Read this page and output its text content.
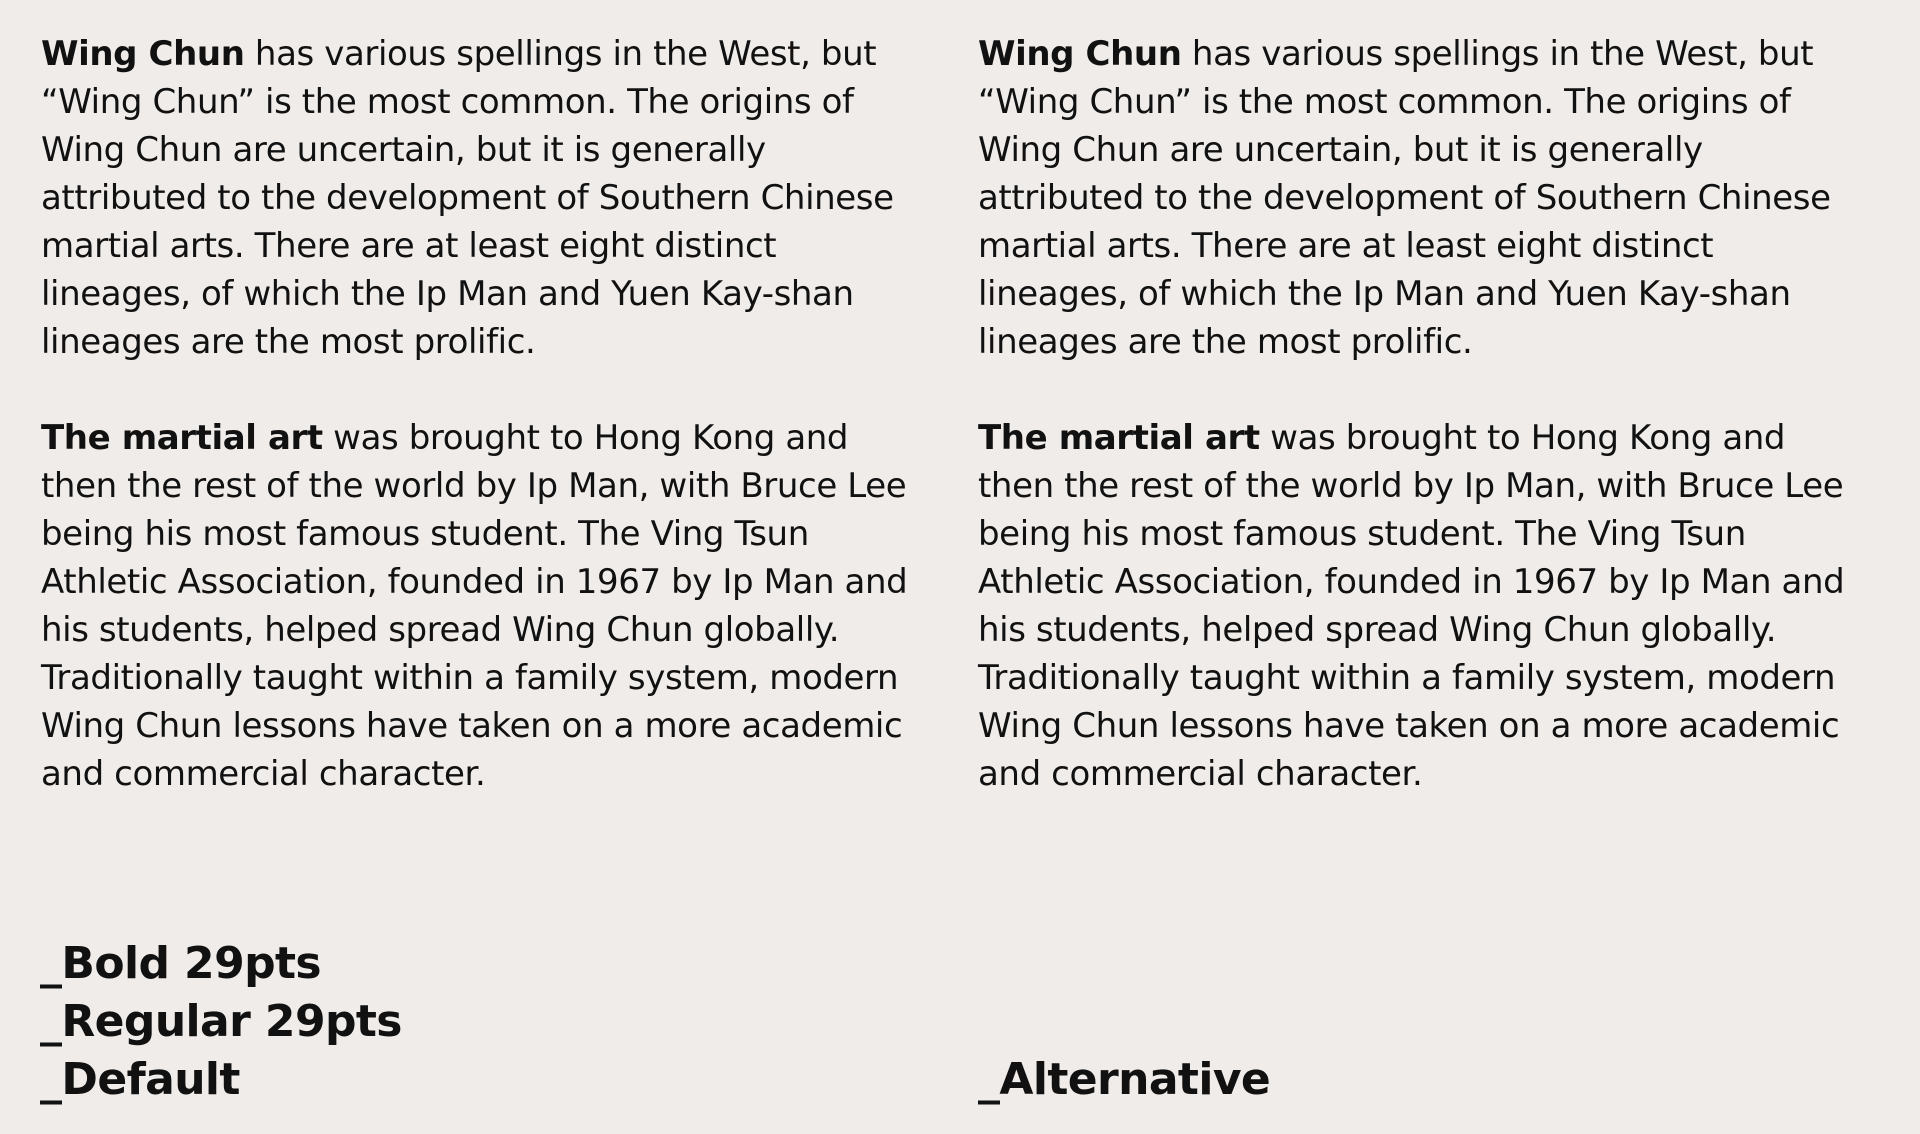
Wing Chun has various spellings in the West, but “Wing Chun” is the most common. The origins of Wing Chun are uncertain, but it is generally attributed to the development of Southern Chinese martial arts. There are at least eight distinct lineages, of which the Ip Man and Yuen Kay-shan lineages are the most prolific.

The martial art was brought to Hong Kong and then the rest of the world by Ip Man, with Bruce Lee being his most famous student. The Ving Tsun Athletic Association, founded in 1967 by Ip Man and his students, helped spread Wing Chun globally. Traditionally taught within a family system, modern Wing Chun lessons have taken on a more academic and commercial character.

Wing Chun has various spellings in the West, but “Wing Chun” is the most common. The origins of Wing Chun are uncertain, but it is generally attributed to the development of Southern Chinese martial arts. There are at least eight distinct lineages, of which the Ip Man and Yuen Kay-shan lineages are the most prolific.

The martial art was brought to Hong Kong and then the rest of the world by Ip Man, with Bruce Lee being his most famous student. The Ving Tsun Athletic Association, founded in 1967 by Ip Man and his students, helped spread Wing Chun globally. Traditionally taught within a family system, modern Wing Chun lessons have taken on a more academic and commercial character.

_Bold 29pts
_Regular 29pts
_Default

	_Alternative
